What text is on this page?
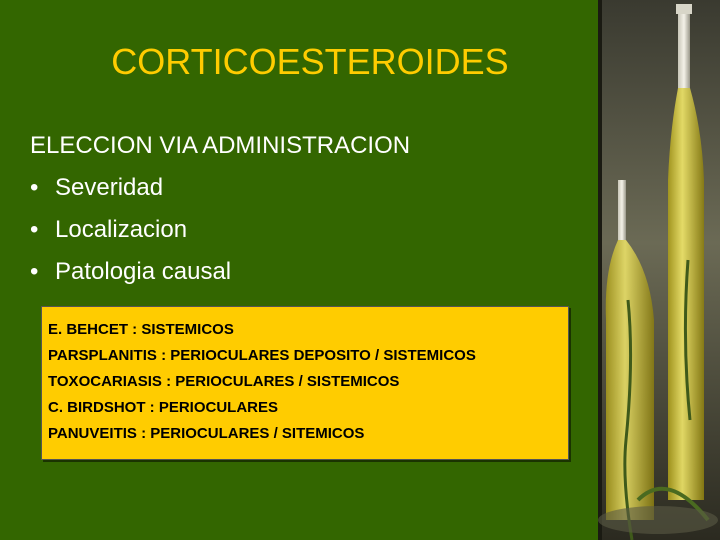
CORTICOESTEROIDES
ELECCION VIA ADMINISTRACION
• Severidad
• Localizacion
• Patologia causal
E. BEHCET : SISTEMICOS
PARSPLANITIS : PERIOCULARES DEPOSITO / SISTEMICOS
TOXOCARIASIS : PERIOCULARES / SISTEMICOS
C. BIRDSHOT : PERIOCULARES
PANUVEITIS : PERIOCULARES / SITEMICOS
